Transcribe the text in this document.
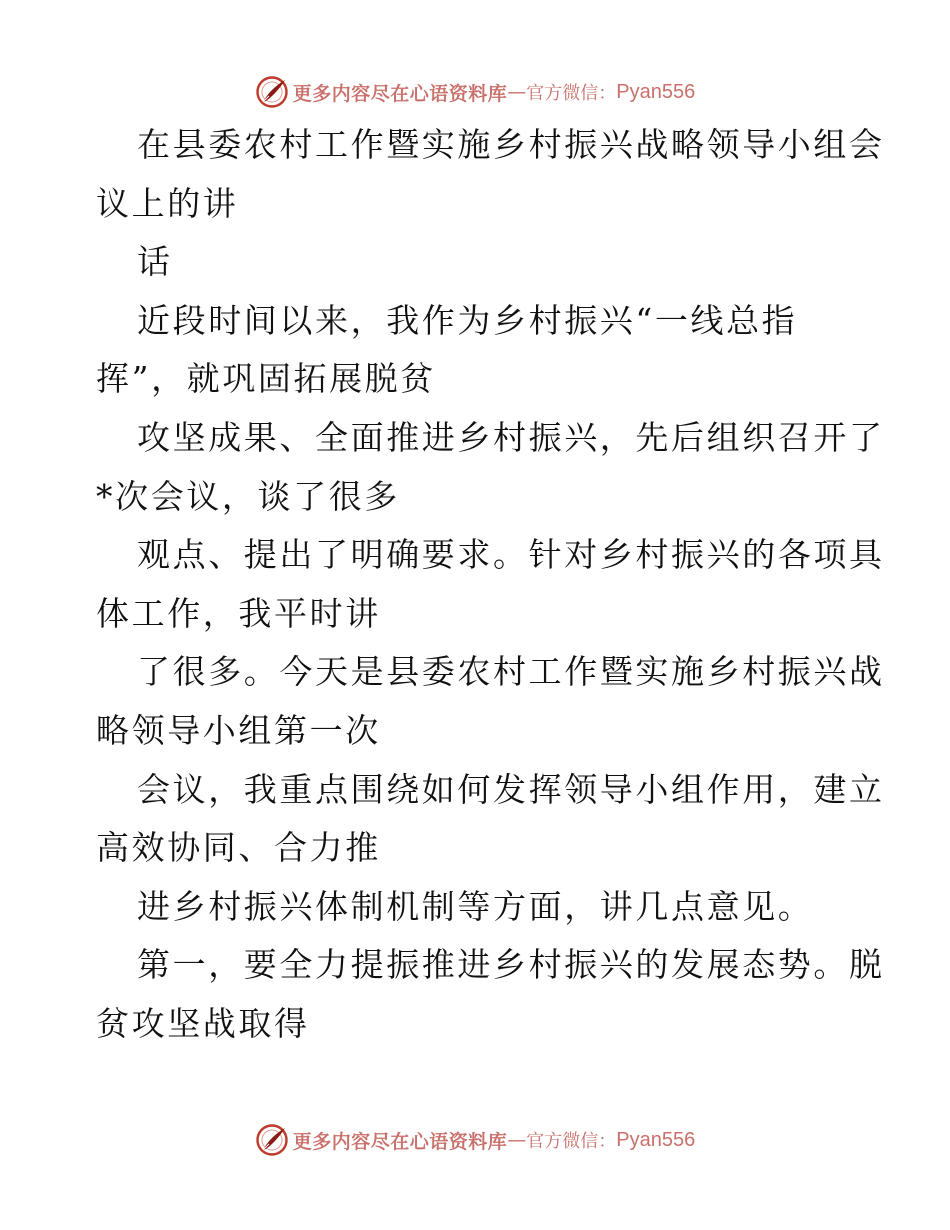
更多内容尽在心语资料库 — 官方微信： Pyan556
在县委农村工作暨实施乡村振兴战略领导小组会
议上的讲
话
近段时间以来，我作为乡村振兴“一线总指
挥”，就巩固拓展脱贫
攻坚成果、全面推进乡村振兴，先后组织召开了
*次会议，谈了很多
观点、提出了明确要求。针对乡村振兴的各项具
体工作，我平时讲
了很多。今天是县委农村工作暨实施乡村振兴战
略领导小组第一次
会议，我重点围绕如何发挥领导小组作用，建立
高效协同、合力推
进乡村振兴体制机制等方面，讲几点意见。
第一，要全力提振推进乡村振兴的发展态势。脱
贫攻坚战取得
更多内容尽在心语资料库 — 官方微信： Pyan556
